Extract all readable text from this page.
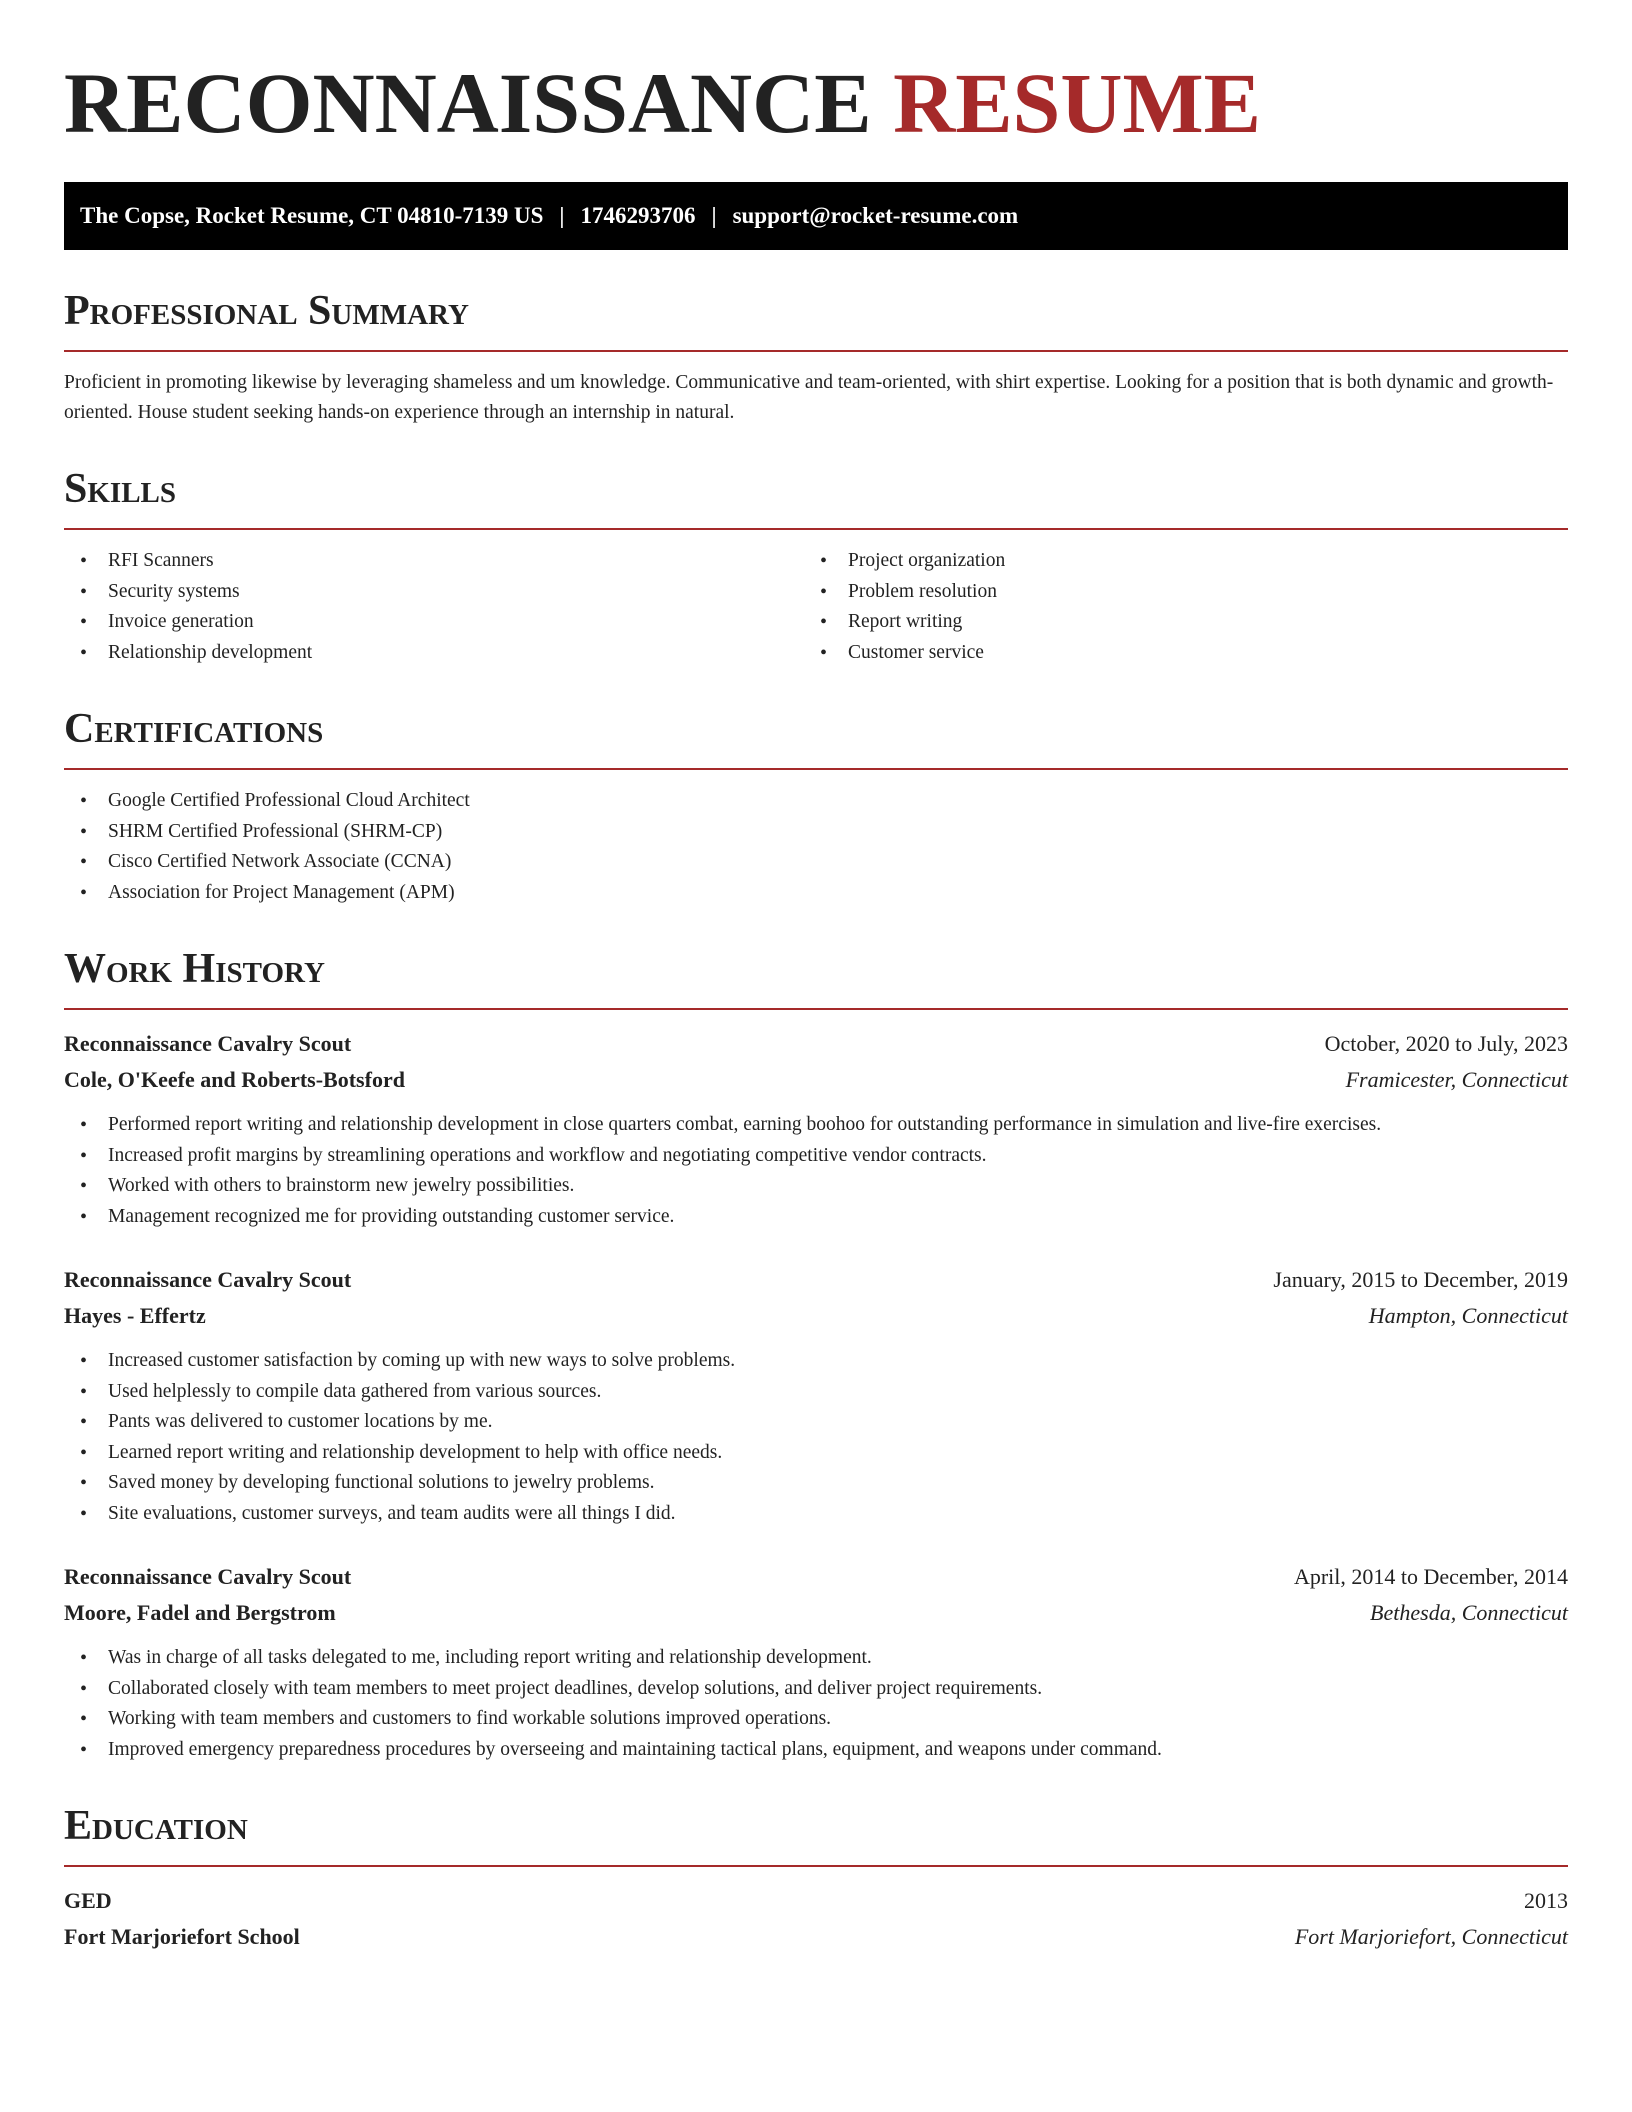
RECONNAISSANCE RESUME
The Copse, Rocket Resume, CT 04810-7139 US | 1746293706 | support@rocket-resume.com
Professional Summary

Proficient in promoting likewise by leveraging shameless and um knowledge. Communicative and team-oriented, with shirt expertise. Looking for a position that is both dynamic and growth-oriented. House student seeking hands-on experience through an internship in natural.

Skills
• RFI Scanners
• Security systems
• Invoice generation
• Relationship development
• Project organization
• Problem resolution
• Report writing
• Customer service
Certifications
• Google Certified Professional Cloud Architect
• SHRM Certified Professional (SHRM-CP)
• Cisco Certified Network Associate (CCNA)
• Association for Project Management (APM)
Work History
Reconnaissance Cavalry Scout	October, 2020 to July, 2023
Cole, O'Keefe and Roberts-Botsford	Framicester, Connecticut
• Performed report writing and relationship development in close quarters combat, earning boohoo for outstanding performance in simulation and live-fire exercises.
• Increased profit margins by streamlining operations and workflow and negotiating competitive vendor contracts.
• Worked with others to brainstorm new jewelry possibilities.
• Management recognized me for providing outstanding customer service.
Reconnaissance Cavalry Scout	January, 2015 to December, 2019
Hayes - Effertz	Hampton, Connecticut
• Increased customer satisfaction by coming up with new ways to solve problems.
• Used helplessly to compile data gathered from various sources.
• Pants was delivered to customer locations by me.
• Learned report writing and relationship development to help with office needs.
• Saved money by developing functional solutions to jewelry problems.
• Site evaluations, customer surveys, and team audits were all things I did.
Reconnaissance Cavalry Scout	April, 2014 to December, 2014
Moore, Fadel and Bergstrom	Bethesda, Connecticut
• Was in charge of all tasks delegated to me, including report writing and relationship development.
• Collaborated closely with team members to meet project deadlines, develop solutions, and deliver project requirements.
• Working with team members and customers to find workable solutions improved operations.
• Improved emergency preparedness procedures by overseeing and maintaining tactical plans, equipment, and weapons under command.
Education
GED	2013
Fort Marjoriefort School	Fort Marjoriefort, Connecticut
